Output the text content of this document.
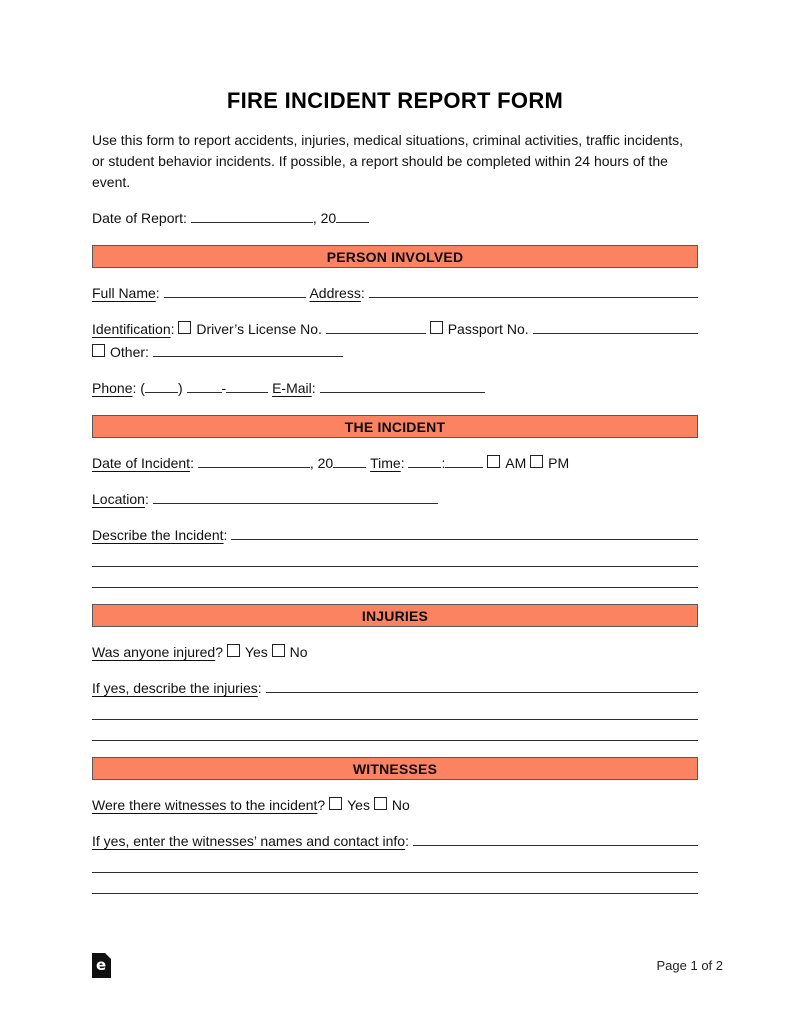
FIRE INCIDENT REPORT FORM

Use this form to report accidents, injuries, medical situations, criminal activities, traffic incidents, or student behavior incidents. If possible, a report should be completed within 24 hours of the event.

Date of Report:	, 20
PERSON INVOLVED
Full Name :
	Address :
Identification : Driver’s License No.
	Passport No.
Other:
Phone : ( )	-
	E-Mail :
THE INCIDENT
Date of Incident :	, 20
	Time : :
	AM PM
Location :
Describe the Incident :
INJURIES
Was anyone injured ? Yes No
If yes, describe the injuries :
WITNESSES
Were there witnesses to the incident ? Yes No
If yes, enter the witnesses’ names and contact info :
e	Page 1 of 2
